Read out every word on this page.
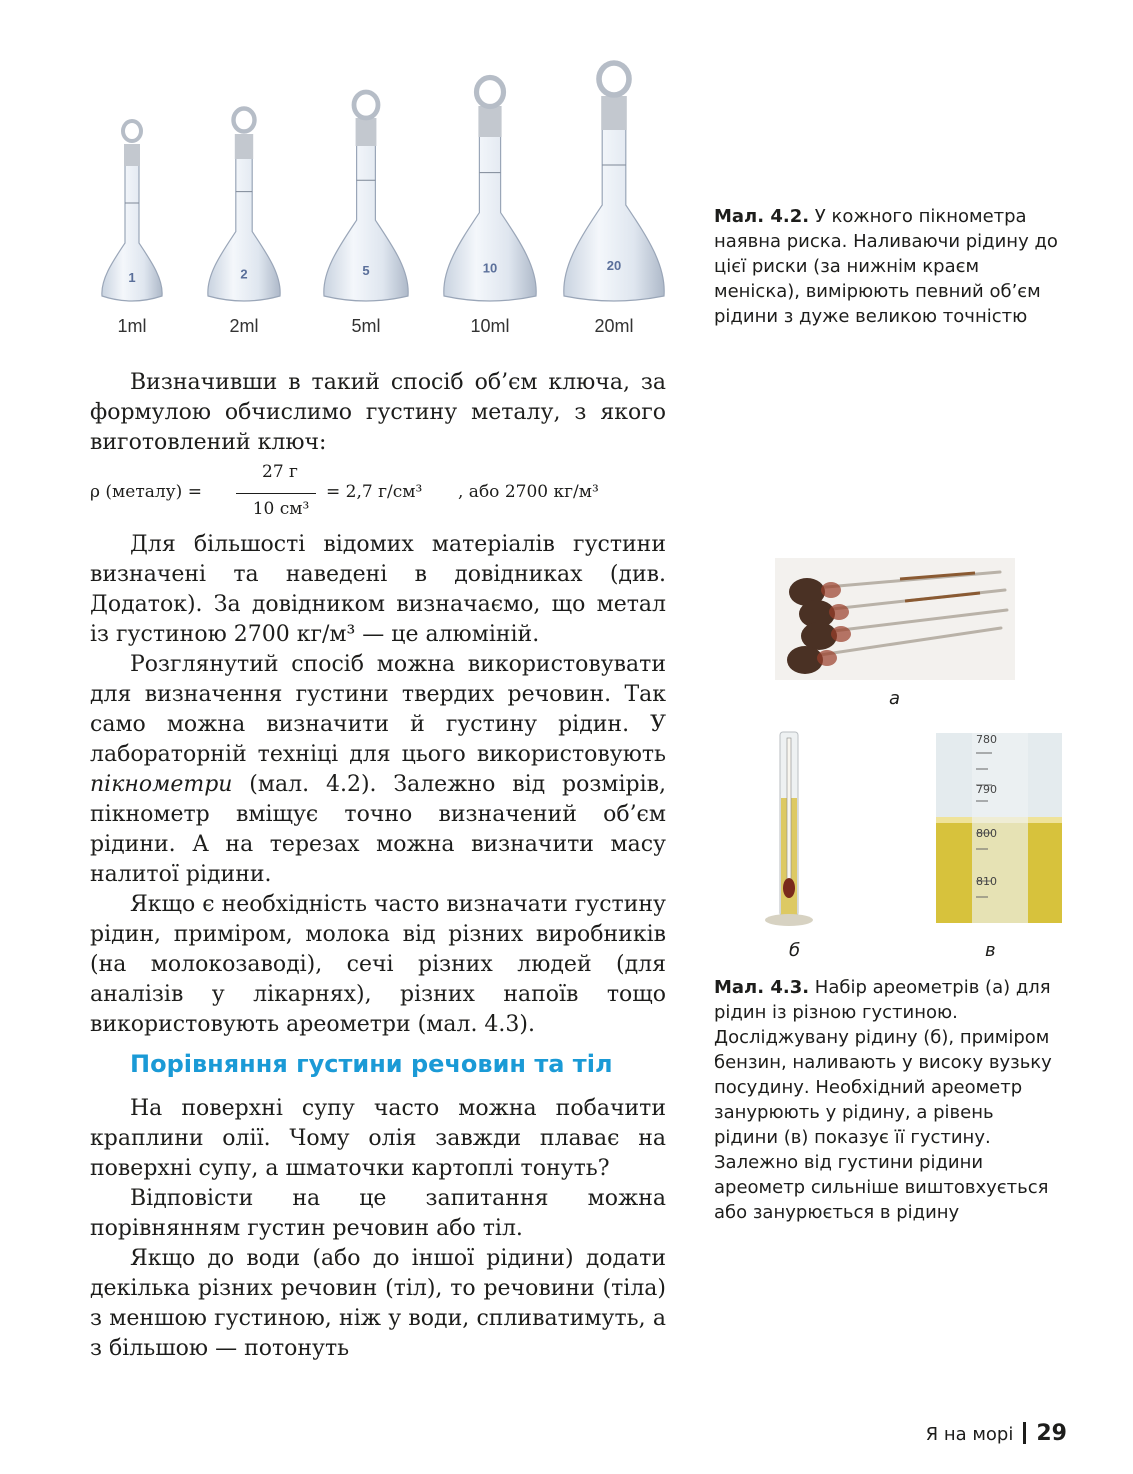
1
1ml
2
2ml
5
5ml
10
10ml
20
20ml
Мал. 4.2. У кожного пікнометра наявна риска. Наливаючи рідину до цієї риски (за нижнім краєм меніска), вимірюють певний об’єм рідини з дуже великою точністю

Визначивши в такий спосіб об’єм ключа, за формулою обчислимо густину металу, з якого виготовлений ключ:

ρ (металу) =
27 г
10 см³
= 2,7 г/см³ , або 2700 кг/м³

Для більшості відомих матеріалів густини визначені та наведені в довідниках (див. Додаток). За довідником визначаємо, що метал із густиною 2700 кг/м³ — це алюміній.

Розглянутий спосіб можна використовувати для визначення густини твердих речовин. Так само можна визначити й густину рідин. У лабораторній техніці для цього використовують пікнометри (мал. 4.2). Залежно від розмірів, пікнометр вміщує точно визначений об’єм рідини. А на терезах можна визначити масу налитої рідини.

Якщо є необхідність часто визначати густину рідин, приміром, молока від різних виробників (на молокозаводі), сечі різних людей (для аналізів у лікарнях), різних напоїв тощо використовують ареометри (мал. 4.3).

Порівняння густини речовин та тіл

На поверхні супу часто можна побачити краплини олії. Чому олія завжди плаває на поверхні супу, а шматочки картоплі тонуть?

Відповісти на це запитання можна порівнянням густин речовин або тіл.

Якщо до води (або до іншої рідини) додати декілька різних речовин (тіл), то речовини (тіла) з меншою густиною, ніж у води, спливатимуть, а з більшою — потонуть

а
б
780
790
800
810
в
Мал. 4.3. Набір ареометрів (а) для рідин із різною густиною. Досліджувану рідину (б), приміром бензин, наливають у високу вузьку посудину. Необхідний ареометр занурюють у рідину, а рівень рідини (в) показує її густину. Залежно від густини рідини ареометр сильніше виштовхується або занурюється в рідину
Я на морі 29
